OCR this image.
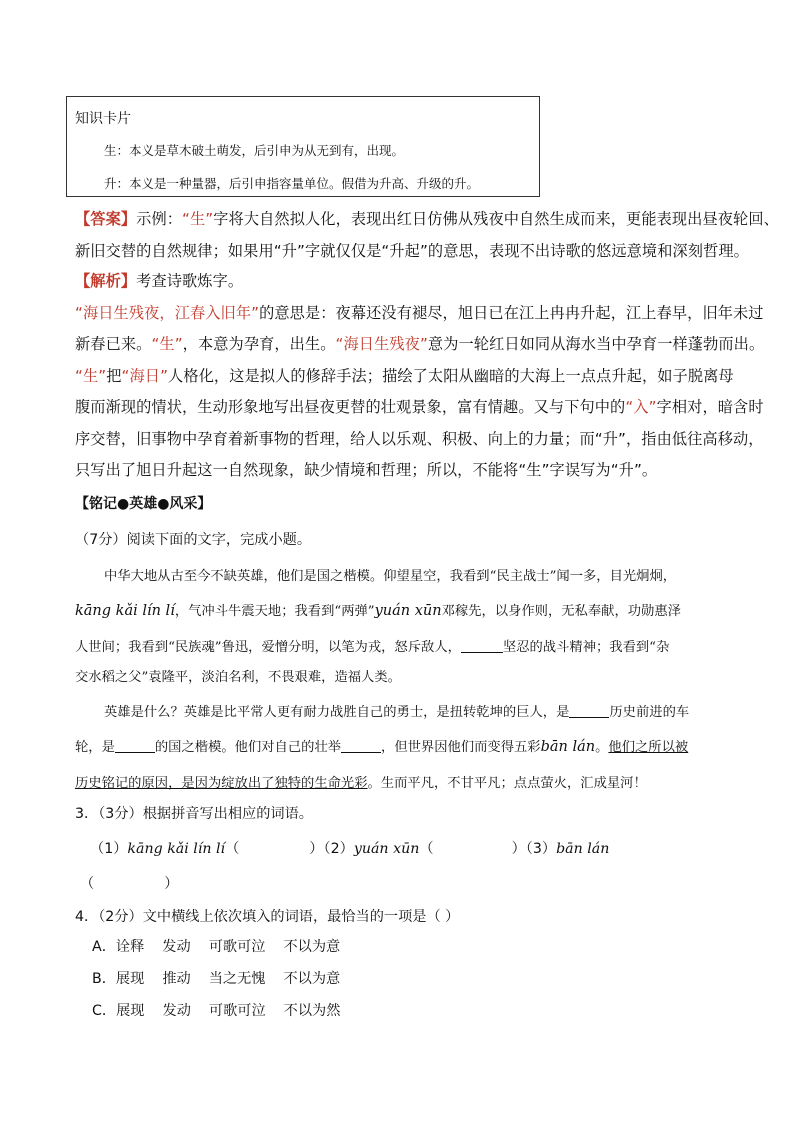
知识卡片
生：本义是草木破土萌发，后引申为从无到有，出现。
升：本义是一种量器，后引申指容量单位。假借为升高、升级的升。
【答案】示例：“生”字将大自然拟人化，表现出红日仿佛从残夜中自然生成而来，更能表现出昼夜轮回、
新旧交替的自然规律；如果用“升”字就仅仅是“升起”的意思，表现不出诗歌的悠远意境和深刻哲理。
【解析】考查诗歌炼字。
“海日生残夜，江春入旧年”的意思是：夜幕还没有褪尽，旭日已在江上冉冉升起，江上春早，旧年未过
新春已来。“生”，本意为孕育，出生。“海日生残夜”意为一轮红日如同从海水当中孕育一样蓬勃而出。
“生”把“海日”人格化，这是拟人的修辞手法；描绘了太阳从幽暗的大海上一点点升起，如子脱离母
腹而渐现的情状，生动形象地写出昼夜更替的壮观景象，富有情趣。又与下句中的“入”字相对，暗含时
序交替，旧事物中孕育着新事物的哲理，给人以乐观、积极、向上的力量；而“升”，指由低往高移动，
只写出了旭日升起这一自然现象，缺少情境和哲理；所以，不能将“生”字误写为“升”。
【铭记●英雄●风采】
（7分）阅读下面的文字，完成小题。
中华大地从古至今不缺英雄，他们是国之楷模。仰望星空，我看到“民主战士”闻一多，目光炯炯，
kāng kǎi lín lí，气冲斗牛震天地；我看到“两弹”yuán xūn邓稼先，以身作则，无私奉献，功勋惠泽
人世间；我看到“民族魂”鲁迅，爱憎分明，以笔为戎，怒斥敌人，	坚忍的战斗精神；我看到“杂
交水稻之父”袁隆平，淡泊名利，不畏艰难，造福人类。
英雄是什么？英雄是比平常人更有耐力战胜自己的勇士，是扭转乾坤的巨人，是	历史前进的车
轮，是	的国之楷模。他们对自己的壮举	，但世界因他们而变得五彩bān lán。他们之所以被
历史铭记的原因，是因为绽放出了独特的生命光彩。生而平凡，不甘平凡；点点萤火，汇成星河！
3．（3分）根据拼音写出相应的词语。
（1）kāng kǎi lín lí（	）（2）yuán xūn（	）（3）bān lán
（	）
4．（2分）文中横线上依次填入的词语，最恰当的一项是（ ）
A．诠释 发动 可歌可泣 不以为意
B．展现 推动 当之无愧 不以为意
C．展现 发动 可歌可泣 不以为然
